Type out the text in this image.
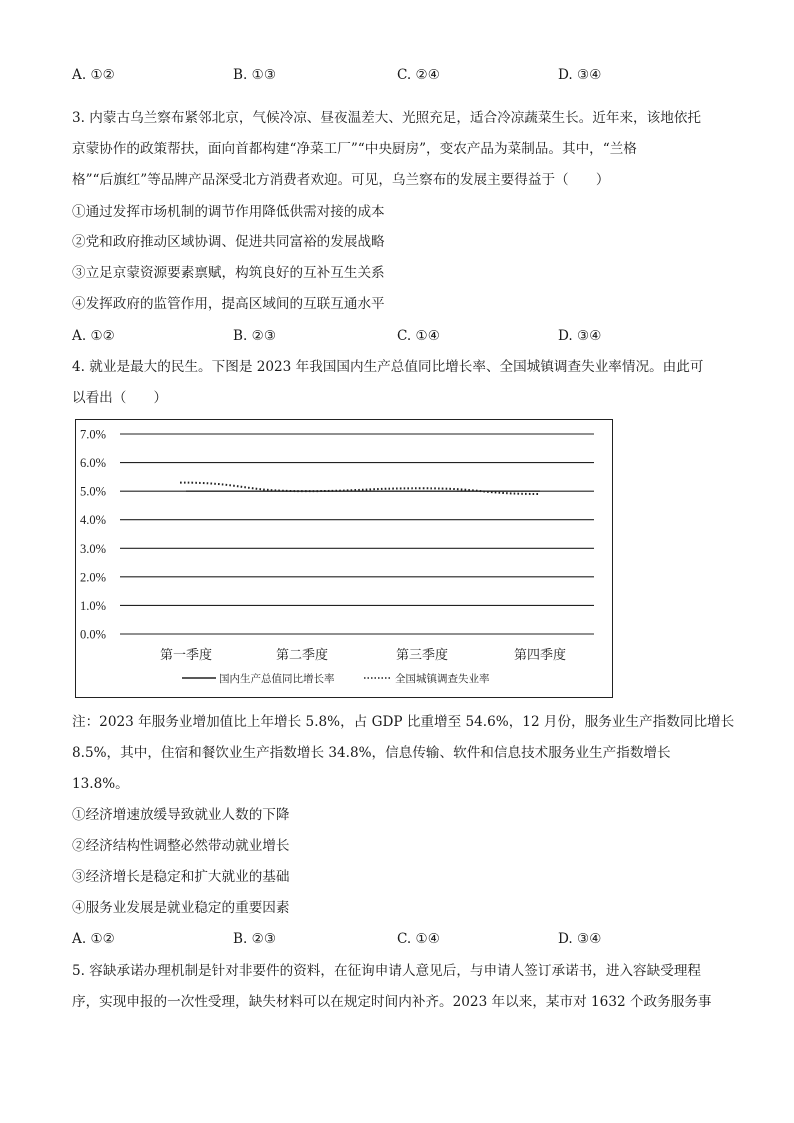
A. ①②	B. ①③	C. ②④	D. ③④
3. 内蒙古乌兰察布紧邻北京，气候冷凉、昼夜温差大、光照充足，适合冷凉蔬菜生长。近年来，该地依托
京蒙协作的政策帮扶，面向首都构建“净菜工厂”“中央厨房”，变农产品为菜制品。其中，“兰格
格”“后旗红”等品牌产品深受北方消费者欢迎。可见，乌兰察布的发展主要得益于（　　）
①通过发挥市场机制的调节作用降低供需对接的成本
②党和政府推动区域协调、促进共同富裕的发展战略
③立足京蒙资源要素禀赋，构筑良好的互补互生关系
④发挥政府的监管作用，提高区域间的互联互通水平
A. ①②	B. ②③	C. ①④	D. ③④
4. 就业是最大的民生。下图是 2023 年我国国内生产总值同比增长率、全国城镇调查失业率情况。由此可
以看出（　　）
0.0%
1.0%
2.0%
3.0%
4.0%
5.0%
6.0%
7.0%
第一季度	第二季度	第三季度	第四季度
国内生产总值同比增长率	全国城镇调查失业率
注：2023 年服务业增加值比上年增长 5.8%，占 GDP 比重增至 54.6%，12 月份，服务业生产指数同比增长
8.5%，其中，住宿和餐饮业生产指数增长 34.8%，信息传输、软件和信息技术服务业生产指数增长
13.8%。
①经济增速放缓导致就业人数的下降
②经济结构性调整必然带动就业增长
③经济增长是稳定和扩大就业的基础
④服务业发展是就业稳定的重要因素
A. ①②	B. ②③	C. ①④	D. ③④
5. 容缺承诺办理机制是针对非要件的资料，在征询申请人意见后，与申请人签订承诺书，进入容缺受理程
序，实现申报的一次性受理，缺失材料可以在规定时间内补齐。2023 年以来，某市对 1632 个政务服务事
